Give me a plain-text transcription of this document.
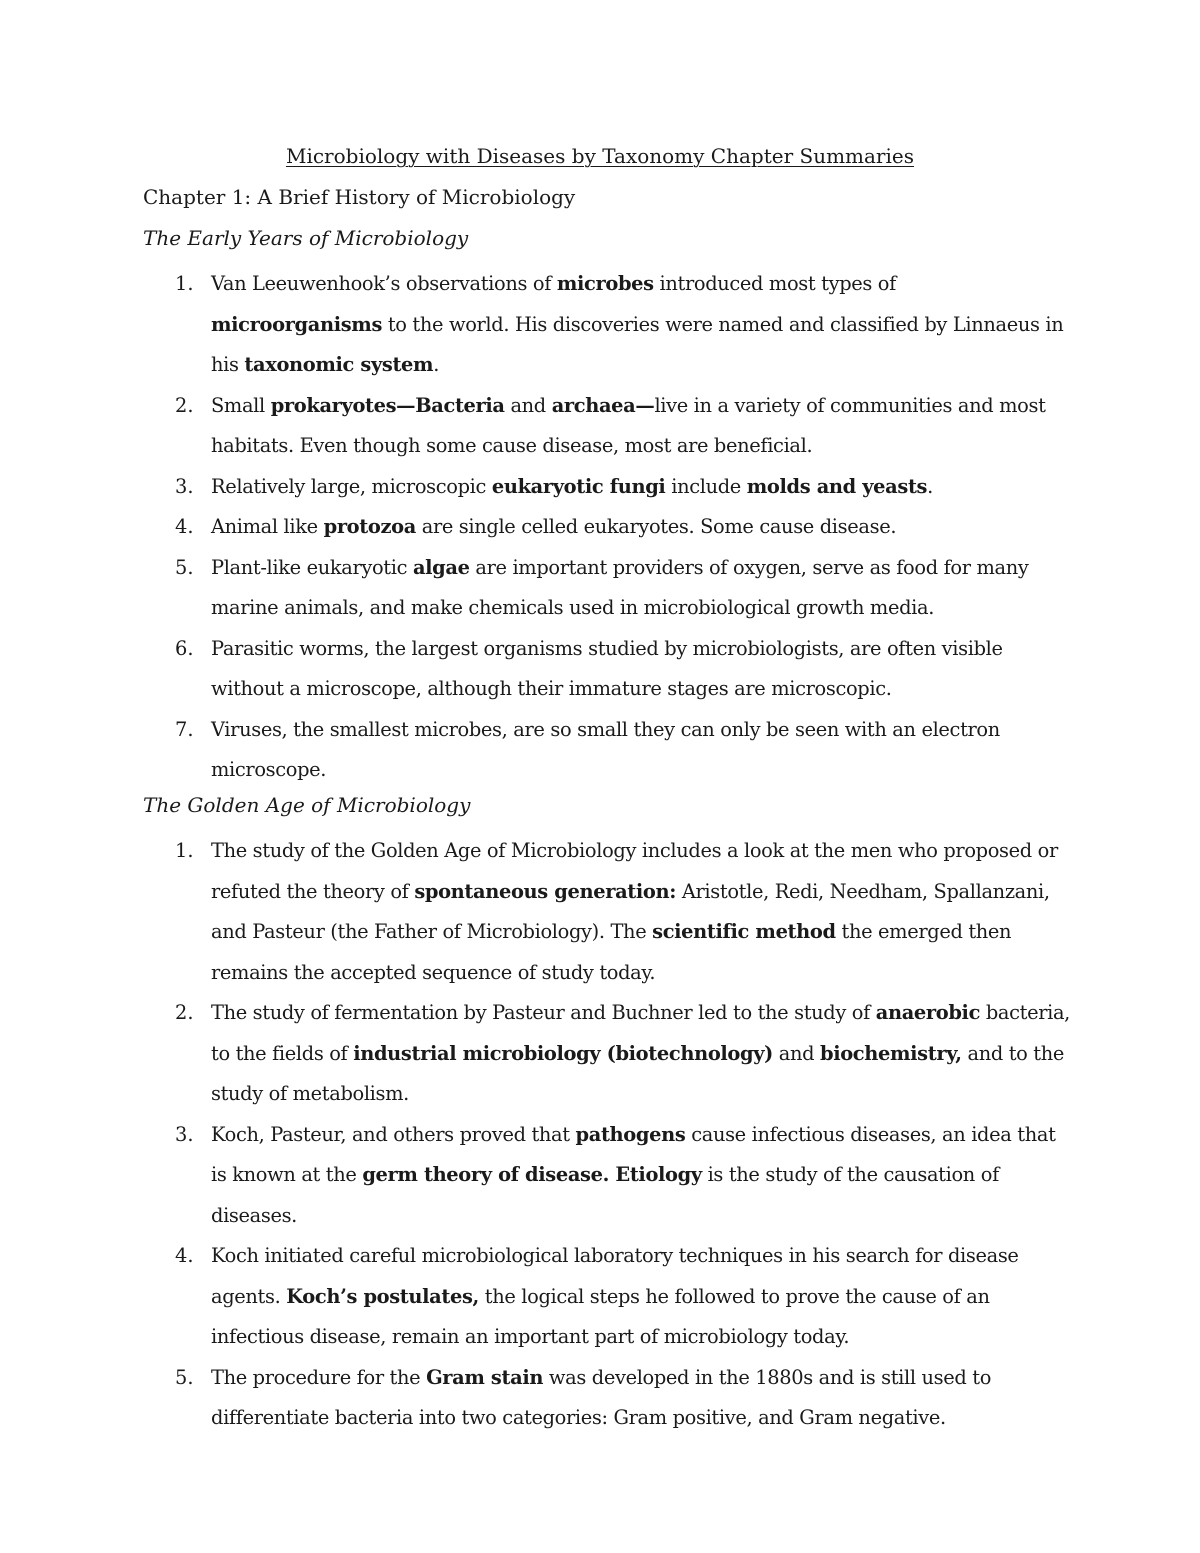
Microbiology with Diseases by Taxonomy Chapter Summaries
Chapter 1: A Brief History of Microbiology
The Early Years of Microbiology
1. Van Leeuwenhook’s observations of microbes introduced most types of microorganisms to the world. His discoveries were named and classified by Linnaeus in his taxonomic system.
2. Small prokaryotes—Bacteria and archaea—live in a variety of communities and most habitats. Even though some cause disease, most are beneficial.
3. Relatively large, microscopic eukaryotic fungi include molds and yeasts.
4. Animal like protozoa are single celled eukaryotes. Some cause disease.
5. Plant-like eukaryotic algae are important providers of oxygen, serve as food for many marine animals, and make chemicals used in microbiological growth media.
6. Parasitic worms, the largest organisms studied by microbiologists, are often visible without a microscope, although their immature stages are microscopic.
7. Viruses, the smallest microbes, are so small they can only be seen with an electron microscope.
The Golden Age of Microbiology
1. The study of the Golden Age of Microbiology includes a look at the men who proposed or refuted the theory of spontaneous generation: Aristotle, Redi, Needham, Spallanzani, and Pasteur (the Father of Microbiology). The scientific method the emerged then remains the accepted sequence of study today.
2. The study of fermentation by Pasteur and Buchner led to the study of anaerobic bacteria, to the fields of industrial microbiology (biotechnology) and biochemistry, and to the study of metabolism.
3. Koch, Pasteur, and others proved that pathogens cause infectious diseases, an idea that is known at the germ theory of disease. Etiology is the study of the causation of diseases.
4. Koch initiated careful microbiological laboratory techniques in his search for disease agents. Koch’s postulates, the logical steps he followed to prove the cause of an infectious disease, remain an important part of microbiology today.
5. The procedure for the Gram stain was developed in the 1880s and is still used to differentiate bacteria into two categories: Gram positive, and Gram negative.
